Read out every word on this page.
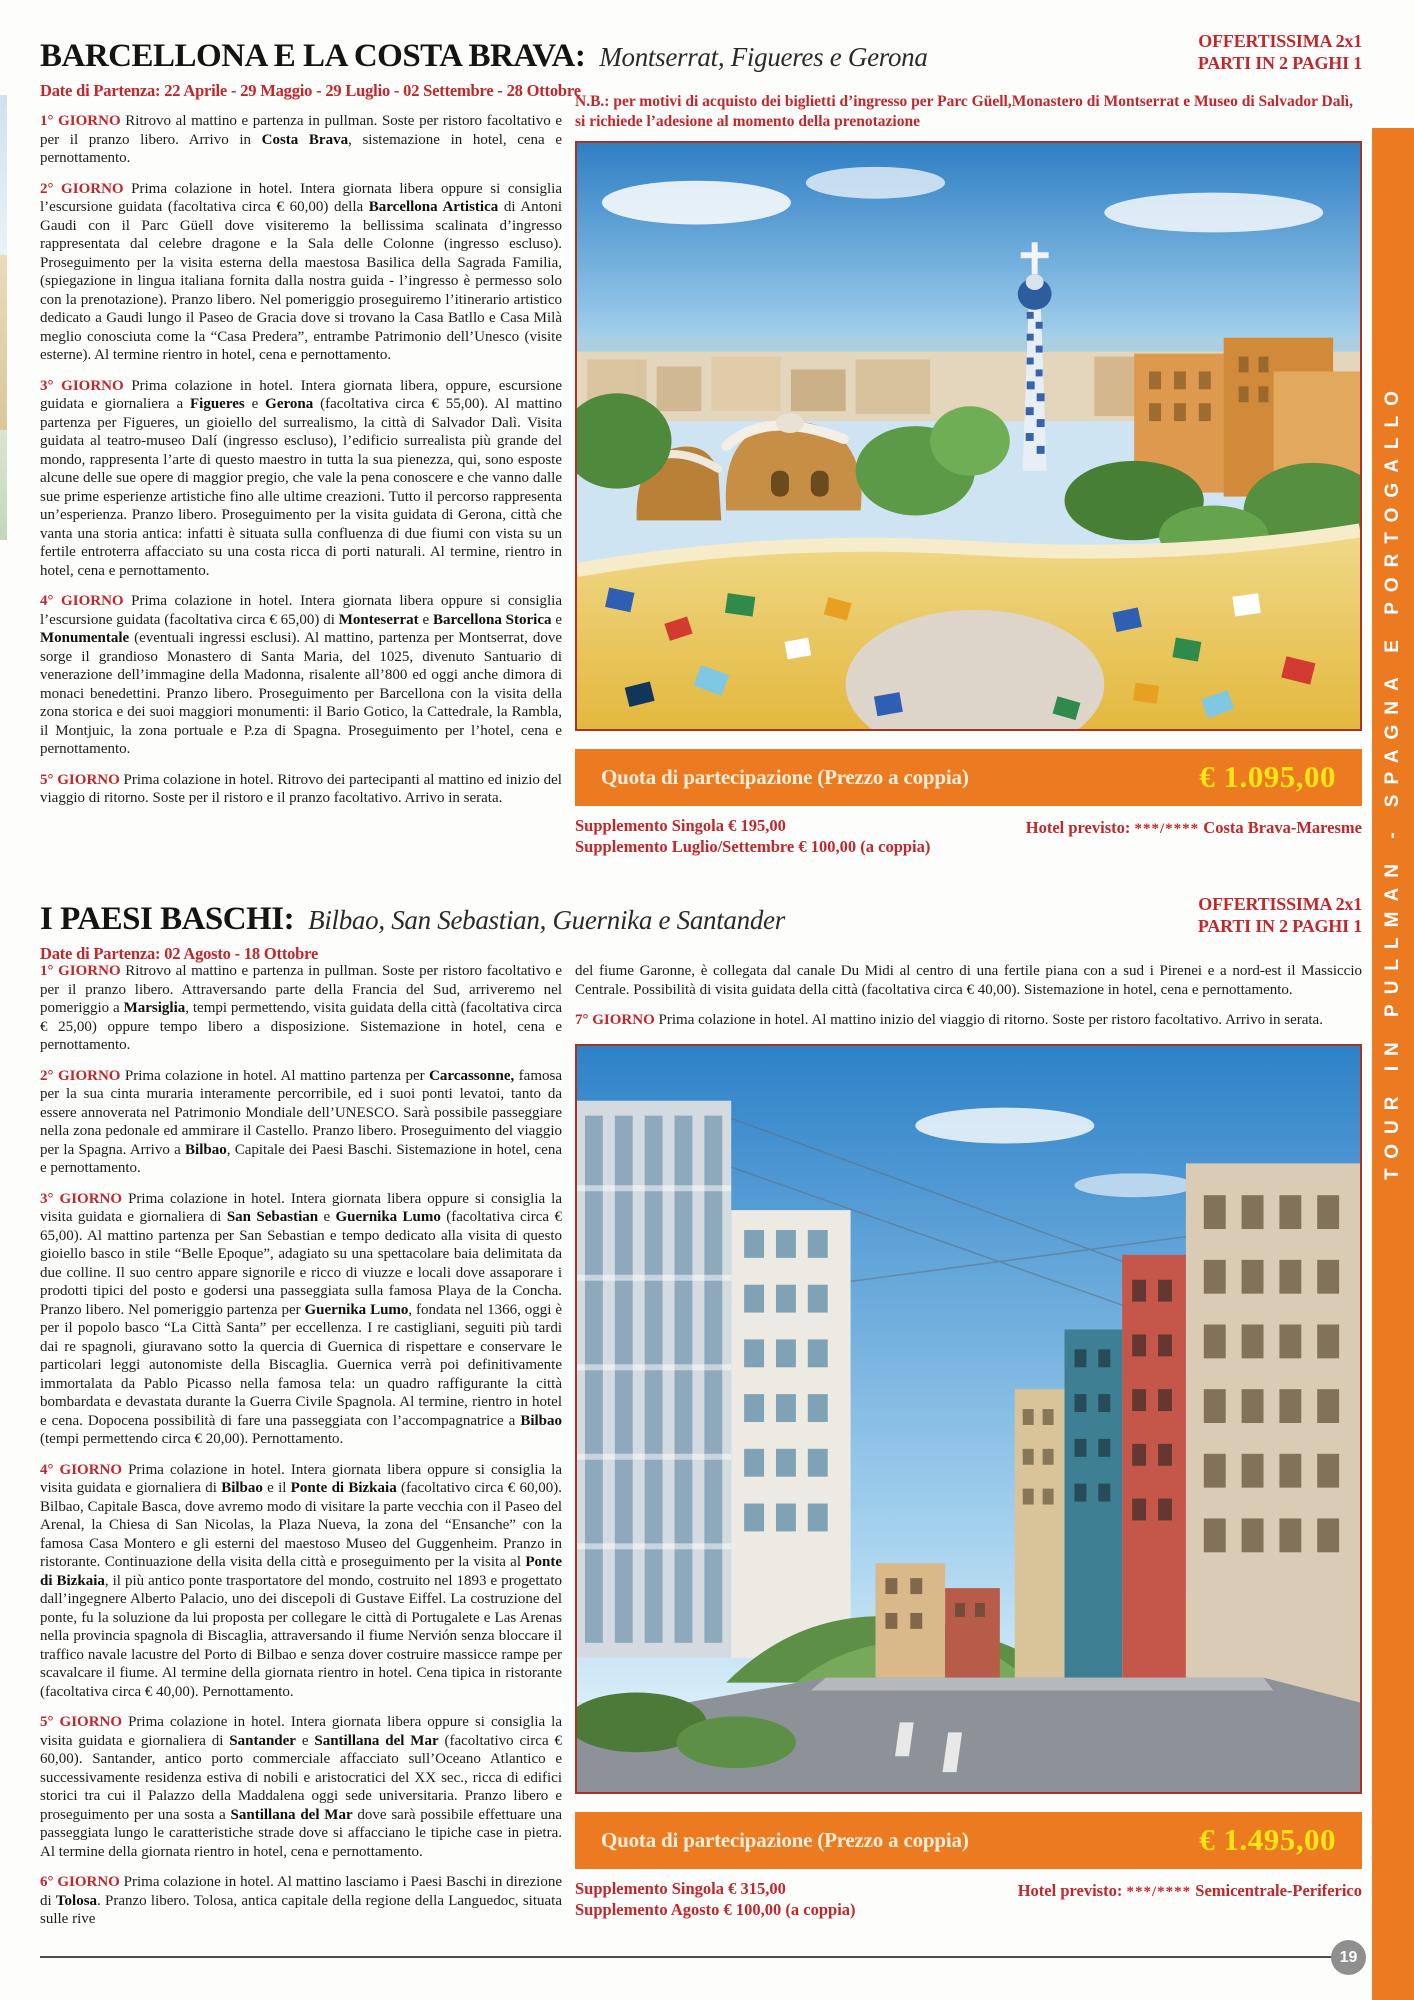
BARCELLONA E LA COSTA BRAVA: Montserrat, Figueres e Gerona
Date di Partenza: 22 Aprile - 29 Maggio - 29 Luglio - 02 Settembre - 28 Ottobre
OFFERTISSIMA 2x1
PARTI IN 2 PAGHI 1

1° GIORNO Ritrovo al mattino e partenza in pullman. Soste per ristoro facoltativo e per il pranzo libero. Arrivo in Costa Brava, sistemazione in hotel, cena e pernottamento.

2° GIORNO Prima colazione in hotel. Intera giornata libera oppure si consiglia l’escursione guidata (facoltativa circa € 60,00) della Barcellona Artistica di Antoni Gaudi con il Parc Güell dove visiteremo la bellissima scalinata d’ingresso rappresentata dal celebre dragone e la Sala delle Colonne (ingresso escluso). Proseguimento per la visita esterna della maestosa Basilica della Sagrada Familia, (spiegazione in lingua italiana fornita dalla nostra guida - l’ingresso è permesso solo con la prenotazione). Pranzo libero. Nel pomeriggio proseguiremo l’itinerario artistico dedicato a Gaudi lungo il Paseo de Gracia dove si trovano la Casa Batllo e Casa Milà meglio conosciuta come la “Casa Predera”, entrambe Patrimonio dell’Unesco (visite esterne). Al termine rientro in hotel, cena e pernottamento.

3° GIORNO Prima colazione in hotel. Intera giornata libera, oppure, escursione guidata e giornaliera a Figueres e Gerona (facoltativa circa € 55,00). Al mattino partenza per Figueres, un gioiello del surrealismo, la città di Salvador Dalì. Visita guidata al teatro-museo Dalí (ingresso escluso), l’edificio surrealista più grande del mondo, rappresenta l’arte di questo maestro in tutta la sua pienezza, qui, sono esposte alcune delle sue opere di maggior pregio, che vale la pena conoscere e che vanno dalle sue prime esperienze artistiche fino alle ultime creazioni. Tutto il percorso rappresenta un’esperienza. Pranzo libero. Proseguimento per la visita guidata di Gerona, città che vanta una storia antica: infatti è situata sulla confluenza di due fiumi con vista su un fertile entroterra affacciato su una costa ricca di porti naturali. Al termine, rientro in hotel, cena e pernottamento.

4° GIORNO Prima colazione in hotel. Intera giornata libera oppure si consiglia l’escursione guidata (facoltativa circa € 65,00) di Monteserrat e Barcellona Storica e Monumentale (eventuali ingressi esclusi). Al mattino, partenza per Montserrat, dove sorge il grandioso Monastero di Santa Maria, del 1025, divenuto Santuario di venerazione dell’immagine della Madonna, risalente all’800 ed oggi anche dimora di monaci benedettini. Pranzo libero. Proseguimento per Barcellona con la visita della zona storica e dei suoi maggiori monumenti: il Bario Gotico, la Cattedrale, la Rambla, il Montjuic, la zona portuale e P.za di Spagna. Proseguimento per l’hotel, cena e pernottamento.

5° GIORNO Prima colazione in hotel. Ritrovo dei partecipanti al mattino ed inizio del viaggio di ritorno. Soste per il ristoro e il pranzo facoltativo. Arrivo in serata.

N.B.: per motivi di acquisto dei biglietti d’ingresso per Parc Güell,Monastero di Montserrat e Museo di Salvador Dalì, si richiede l’adesione al momento della prenotazione
Quota di partecipazione (Prezzo a coppia)	€ 1.095,00
Supplemento Singola € 195,00
Supplemento Luglio/Settembre € 100,00 (a coppia)
Hotel previsto: ***/**** Costa Brava-Maresme
I PAESI BASCHI: Bilbao, San Sebastian, Guernika e Santander
Date di Partenza: 02 Agosto - 18 Ottobre
OFFERTISSIMA 2x1
PARTI IN 2 PAGHI 1

1° GIORNO Ritrovo al mattino e partenza in pullman. Soste per ristoro facoltativo e per il pranzo libero. Attraversando parte della Francia del Sud, arriveremo nel pomeriggio a Marsiglia, tempi permettendo, visita guidata della città (facoltativa circa € 25,00) oppure tempo libero a disposizione. Sistemazione in hotel, cena e pernottamento.

2° GIORNO Prima colazione in hotel. Al mattino partenza per Carcassonne, famosa per la sua cinta muraria interamente percorribile, ed i suoi ponti levatoi, tanto da essere annoverata nel Patrimonio Mondiale dell’UNESCO. Sarà possibile passeggiare nella zona pedonale ed ammirare il Castello. Pranzo libero. Proseguimento del viaggio per la Spagna. Arrivo a Bilbao, Capitale dei Paesi Baschi. Sistemazione in hotel, cena e pernottamento.

3° GIORNO Prima colazione in hotel. Intera giornata libera oppure si consiglia la visita guidata e giornaliera di San Sebastian e Guernika Lumo (facoltativa circa € 65,00). Al mattino partenza per San Sebastian e tempo dedicato alla visita di questo gioiello basco in stile “Belle Epoque”, adagiato su una spettacolare baia delimitata da due colline. Il suo centro appare signorile e ricco di viuzze e locali dove assaporare i prodotti tipici del posto e godersi una passeggiata sulla famosa Playa de la Concha. Pranzo libero. Nel pomeriggio partenza per Guernika Lumo, fondata nel 1366, oggi è per il popolo basco “La Città Santa” per eccellenza. I re castigliani, seguiti più tardi dai re spagnoli, giuravano sotto la quercia di Guernica di rispettare e conservare le particolari leggi autonomiste della Biscaglia. Guernica verrà poi definitivamente immortalata da Pablo Picasso nella famosa tela: un quadro raffigurante la città bombardata e devastata durante la Guerra Civile Spagnola. Al termine, rientro in hotel e cena. Dopocena possibilità di fare una passeggiata con l’accompagnatrice a Bilbao (tempi permettendo circa € 20,00). Pernottamento.

4° GIORNO Prima colazione in hotel. Intera giornata libera oppure si consiglia la visita guidata e giornaliera di Bilbao e il Ponte di Bizkaia (facoltativo circa € 60,00). Bilbao, Capitale Basca, dove avremo modo di visitare la parte vecchia con il Paseo del Arenal, la Chiesa di San Nicolas, la Plaza Nueva, la zona del “Ensanche” con la famosa Casa Montero e gli esterni del maestoso Museo del Guggenheim. Pranzo in ristorante. Continuazione della visita della città e proseguimento per la visita al Ponte di Bizkaia, il più antico ponte trasportatore del mondo, costruito nel 1893 e progettato dall’ingegnere Alberto Palacio, uno dei discepoli di Gustave Eiffel. La costruzione del ponte, fu la soluzione da lui proposta per collegare le città di Portugalete e Las Arenas nella provincia spagnola di Biscaglia, attraversando il fiume Nervión senza bloccare il traffico navale lacustre del Porto di Bilbao e senza dover costruire massicce rampe per scavalcare il fiume. Al termine della giornata rientro in hotel. Cena tipica in ristorante (facoltativa circa € 40,00). Pernottamento.

5° GIORNO Prima colazione in hotel. Intera giornata libera oppure si consiglia la visita guidata e giornaliera di Santander e Santillana del Mar (facoltativo circa € 60,00). Santander, antico porto commerciale affacciato sull’Oceano Atlantico e successivamente residenza estiva di nobili e aristocratici del XX sec., ricca di edifici storici tra cui il Palazzo della Maddalena oggi sede universitaria. Pranzo libero e proseguimento per una sosta a Santillana del Mar dove sarà possibile effettuare una passeggiata lungo le caratteristiche strade dove si affacciano le tipiche case in pietra. Al termine della giornata rientro in hotel, cena e pernottamento.

6° GIORNO Prima colazione in hotel. Al mattino lasciamo i Paesi Baschi in direzione di Tolosa. Pranzo libero. Tolosa, antica capitale della regione della Languedoc, situata sulle rive

del fiume Garonne, è collegata dal canale Du Midi al centro di una fertile piana con a sud i Pirenei e a nord-est il Massiccio Centrale. Possibilità di visita guidata della città (facoltativa circa € 40,00). Sistemazione in hotel, cena e pernottamento.

7° GIORNO Prima colazione in hotel. Al mattino inizio del viaggio di ritorno. Soste per ristoro facoltativo. Arrivo in serata.

Quota di partecipazione (Prezzo a coppia)	€ 1.495,00
Supplemento Singola € 315,00
Supplemento Agosto € 100,00 (a coppia)
Hotel previsto: ***/**** Semicentrale-Periferico
19
TOUR IN PULLMAN - SPAGNA E PORTOGALLO
